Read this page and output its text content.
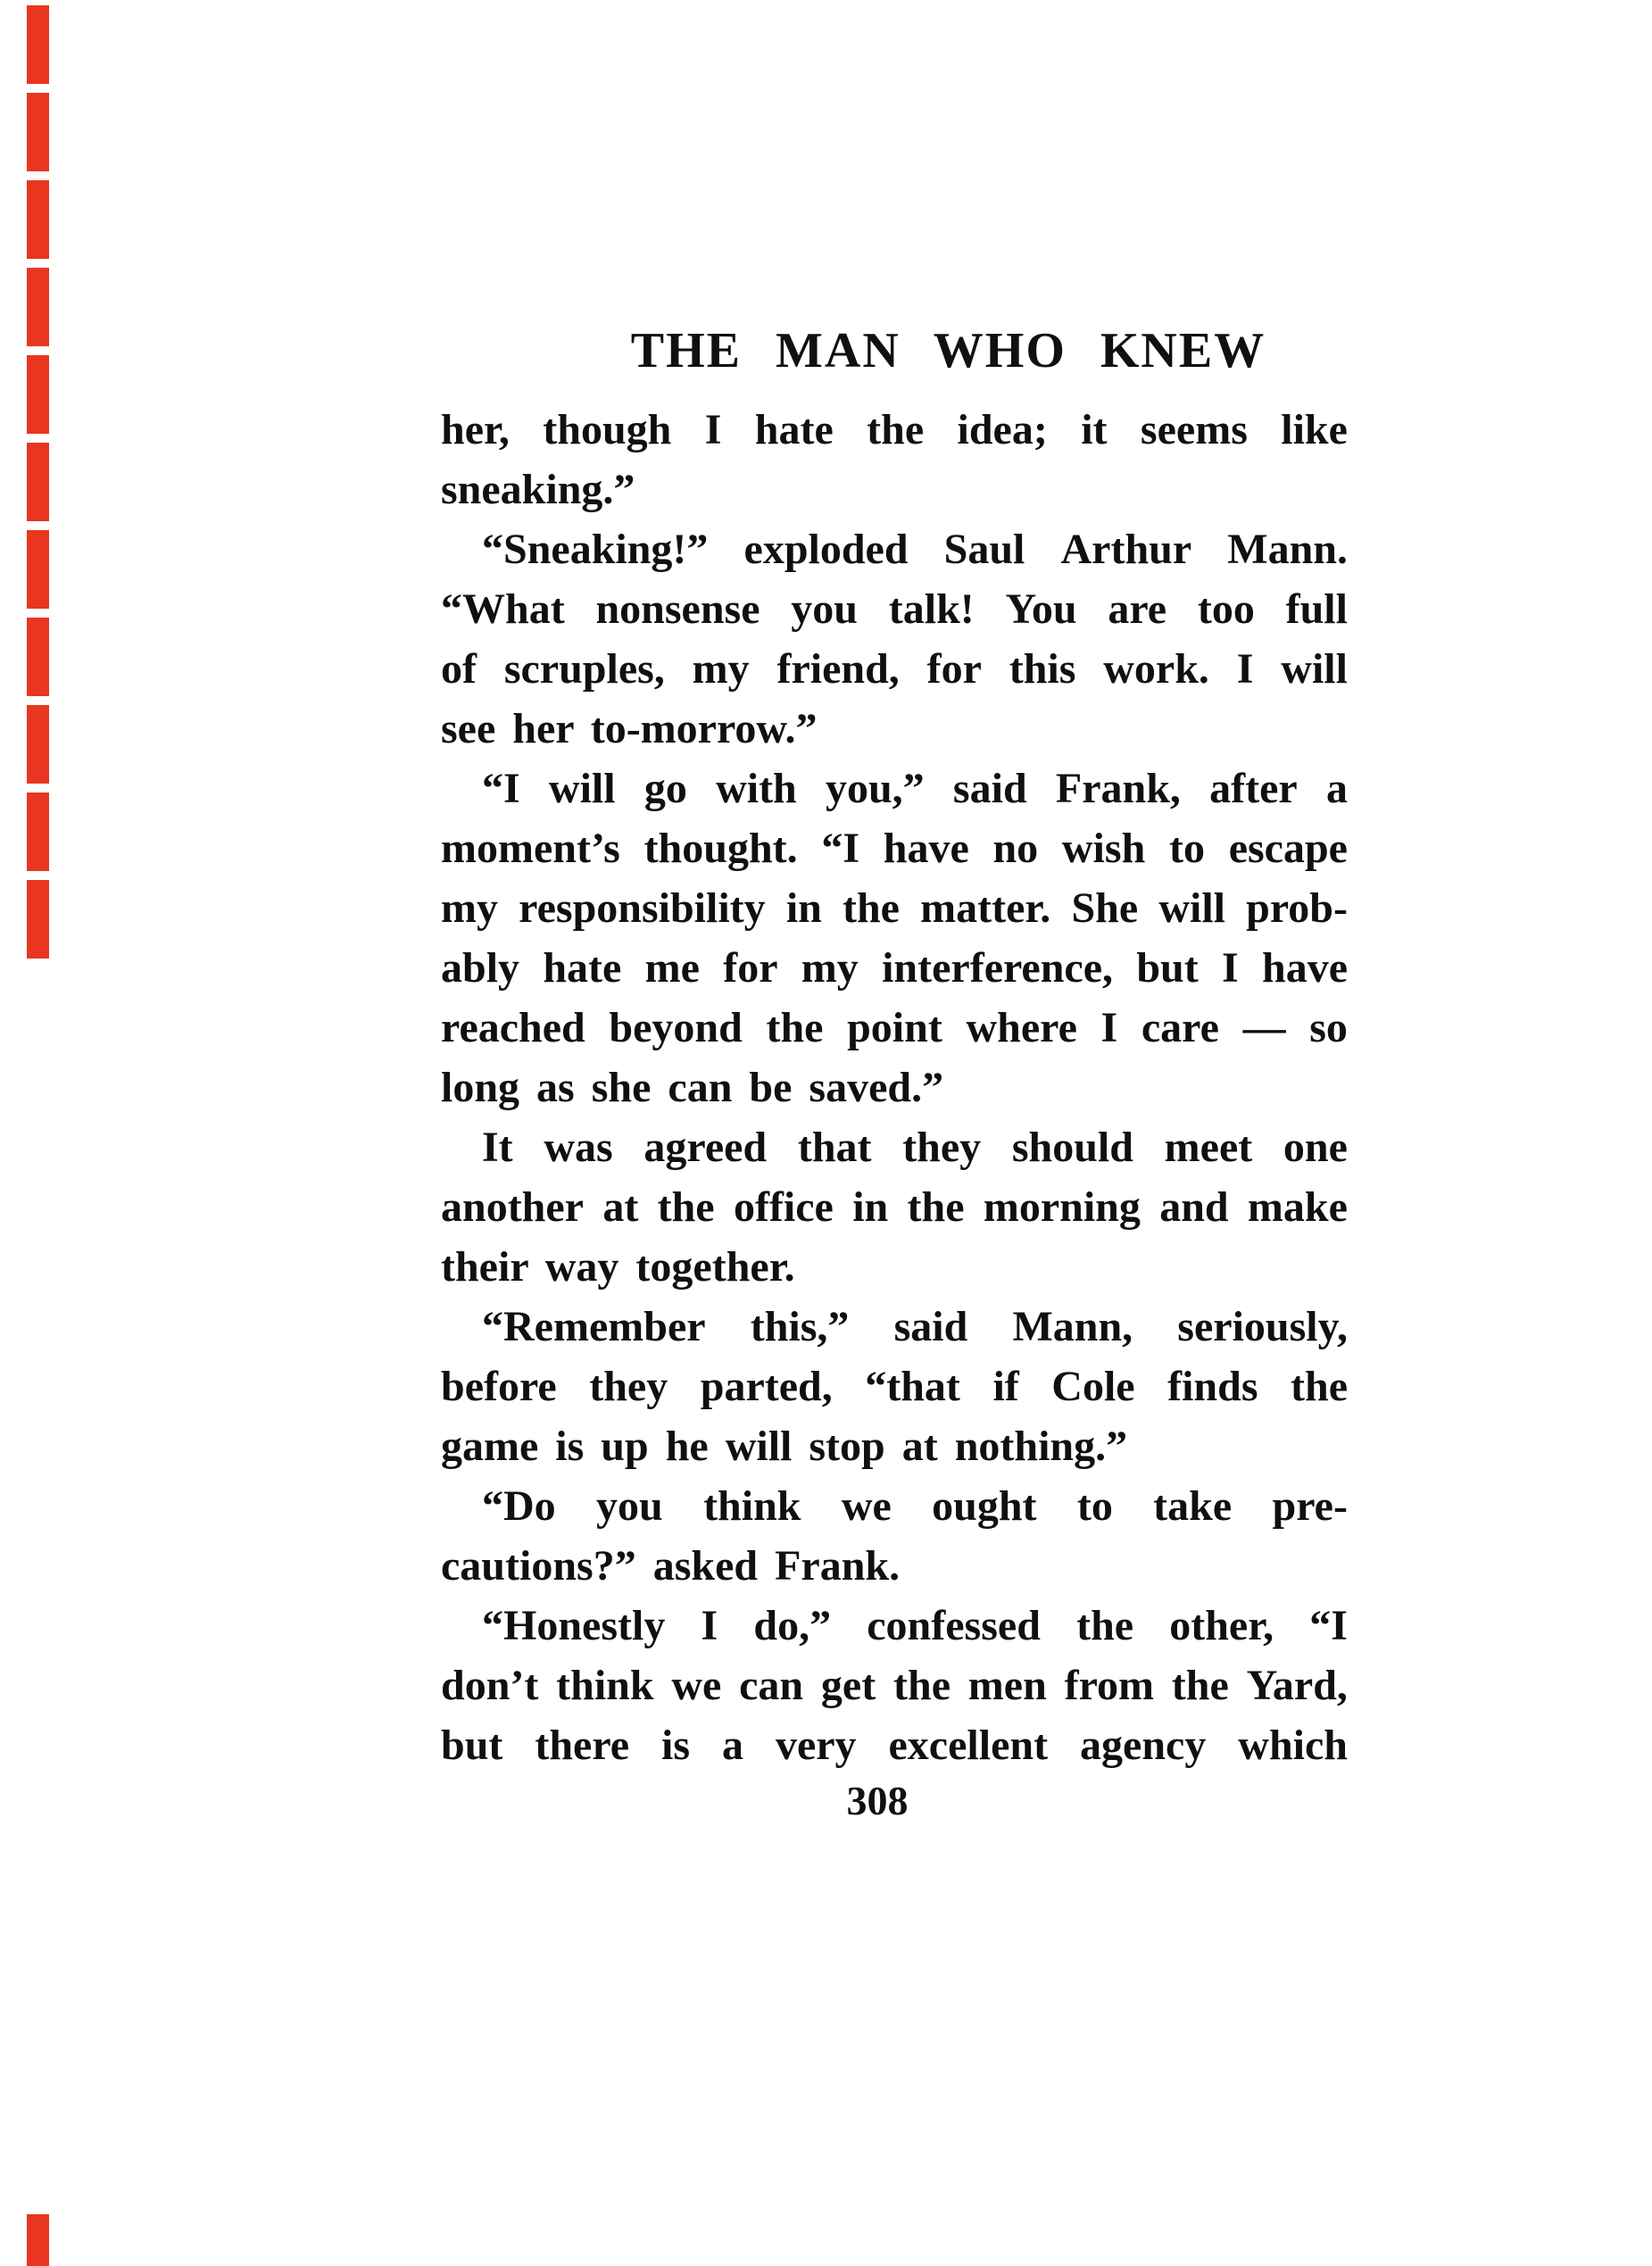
THE MAN WHO KNEW
her, though I hate the idea; it seems like
sneaking.”
“Sneaking!” exploded Saul Arthur Mann.
“What nonsense you talk! You are too full
of scruples, my friend, for this work. I will
see her to-morrow.”
“I will go with you,” said Frank, after a
moment’s thought. “I have no wish to escape
my responsibility in the matter. She will prob-
ably hate me for my interference, but I have
reached beyond the point where I care — so
long as she can be saved.”
It was agreed that they should meet one
another at the office in the morning and make
their way together.
“Remember this,” said Mann, seriously,
before they parted, “that if Cole finds the
game is up he will stop at nothing.”
“Do you think we ought to take pre-
cautions?” asked Frank.
“Honestly I do,” confessed the other, “I
don’t think we can get the men from the Yard,
but there is a very excellent agency which
308
